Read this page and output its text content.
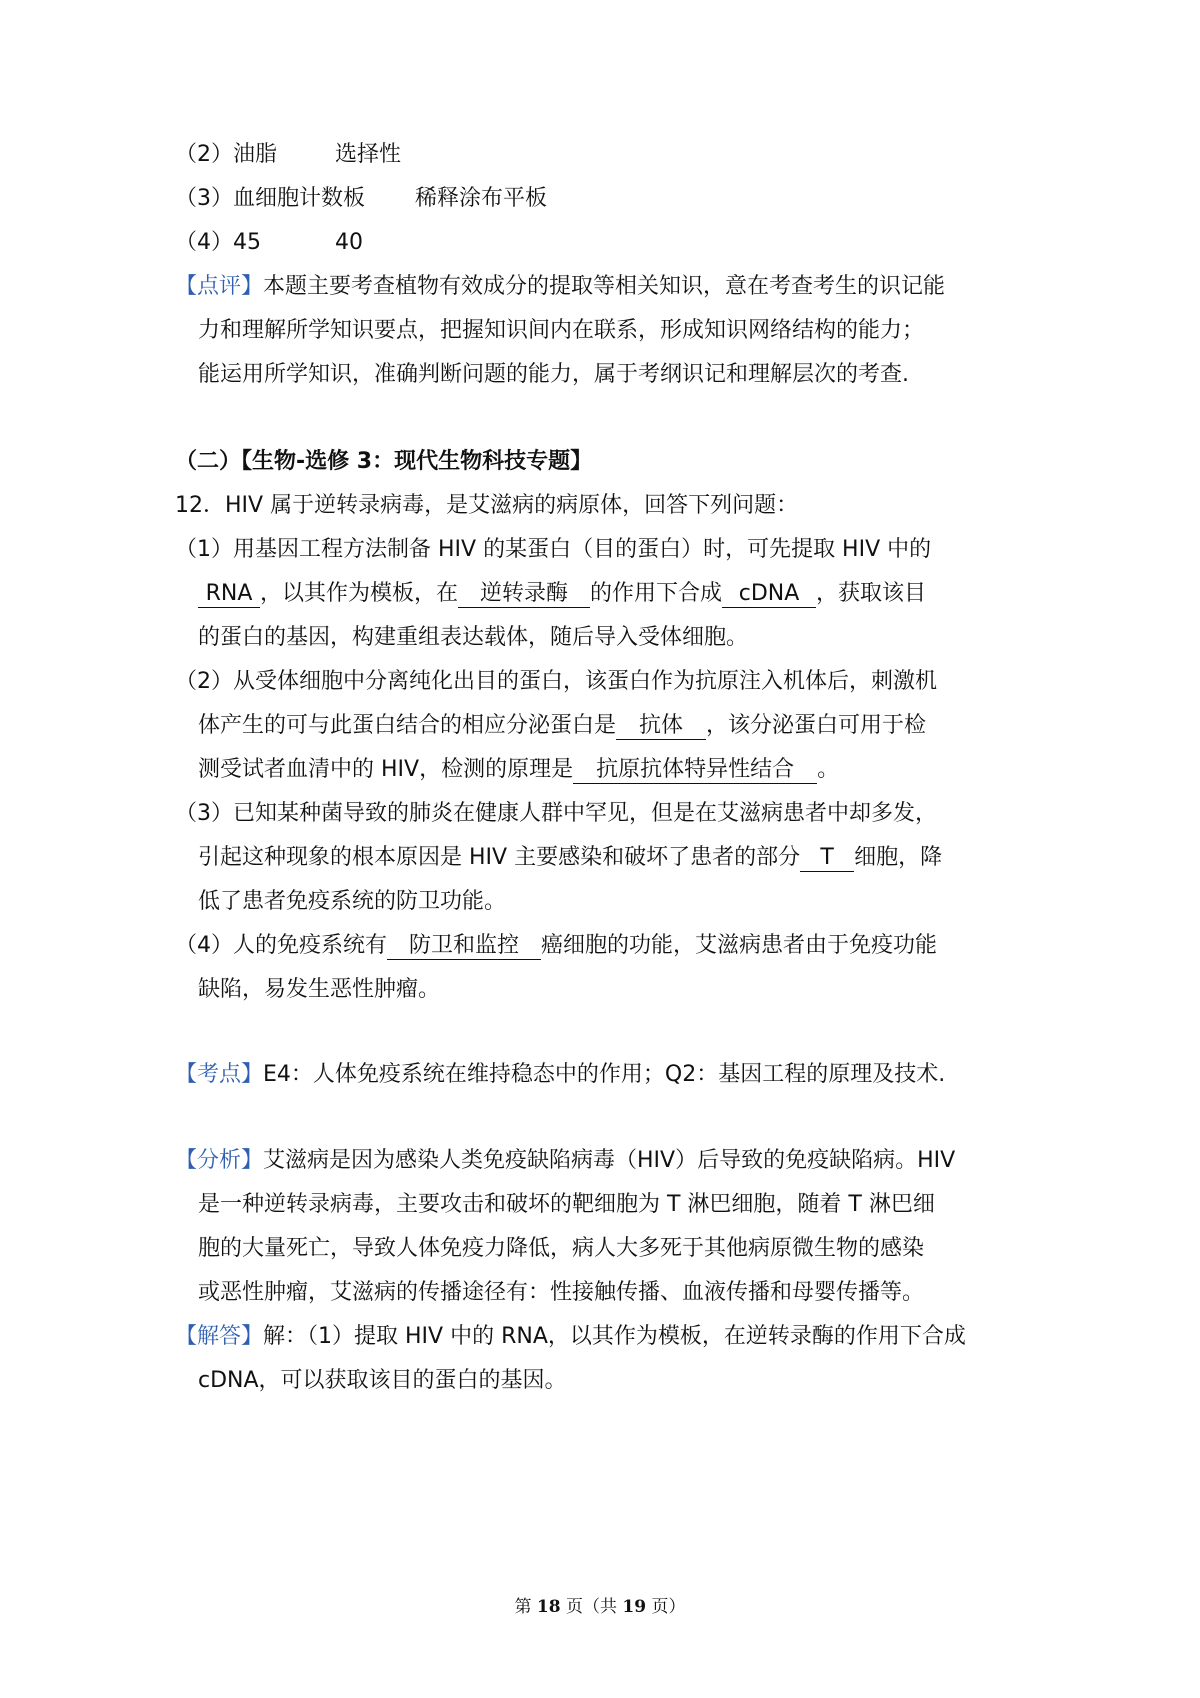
（2）油脂	选择性
（3）血细胞计数板 稀释涂布平板
（4）45	40
【点评】本题主要考查植物有效成分的提取等相关知识，意在考查考生的识记能
力和理解所学知识要点，把握知识间内在联系，形成知识网络结构的能力；
能运用所学知识，准确判断问题的能力，属于考纲识记和理解层次的考查.
（二）【生物-选修 3：现代生物科技专题】
12．HIV 属于逆转录病毒，是艾滋病的病原体，回答下列问题：
（1）用基因工程方法制备 HIV 的某蛋白（目的蛋白）时，可先提取 HIV 中的
RNA ，以其作为模板，在 逆转录酶 的作用下合成 cDNA ，获取该目
的蛋白的基因，构建重组表达载体，随后导入受体细胞。
（2）从受体细胞中分离纯化出目的蛋白，该蛋白作为抗原注入机体后，刺激机
体产生的可与此蛋白结合的相应分泌蛋白是 抗体 ，该分泌蛋白可用于检
测受试者血清中的 HIV，检测的原理是 抗原抗体特异性结合 。
（3）已知某种菌导致的肺炎在健康人群中罕见，但是在艾滋病患者中却多发，
引起这种现象的根本原因是 HIV 主要感染和破坏了患者的部分 T 细胞，降
低了患者免疫系统的防卫功能。
（4）人的免疫系统有 防卫和监控 癌细胞的功能，艾滋病患者由于免疫功能
缺陷，易发生恶性肿瘤。
【考点】E4：人体免疫系统在维持稳态中的作用；Q2：基因工程的原理及技术.
【分析】艾滋病是因为感染人类免疫缺陷病毒（HIV）后导致的免疫缺陷病。HIV
是一种逆转录病毒，主要攻击和破坏的靶细胞为 T 淋巴细胞，随着 T 淋巴细
胞的大量死亡，导致人体免疫力降低，病人大多死于其他病原微生物的感染
或恶性肿瘤，艾滋病的传播途径有：性接触传播、血液传播和母婴传播等。
【解答】解：（1）提取 HIV 中的 RNA，以其作为模板，在逆转录酶的作用下合成
cDNA，可以获取该目的蛋白的基因。
第 18 页（共 19 页）
